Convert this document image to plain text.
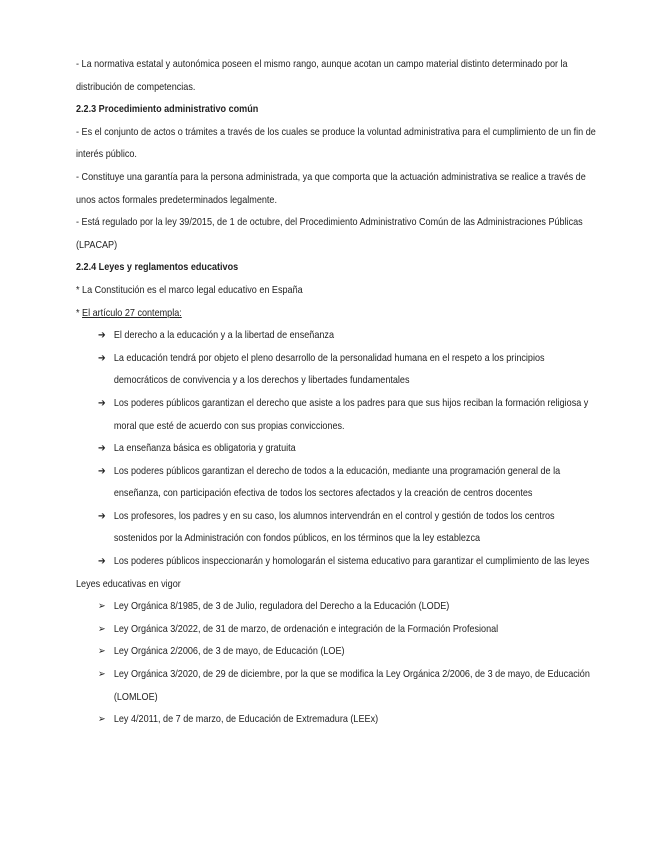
- La normativa estatal y autonómica poseen el mismo rango, aunque acotan un campo material distinto determinado por la distribución de competencias.

2.2.3 Procedimiento administrativo común

- Es el conjunto de actos o trámites a través de los cuales se produce la voluntad administrativa para el cumplimiento de un fin de interés público.

- Constituye una garantía para la persona administrada, ya que comporta que la actuación administrativa se realice a través de unos actos formales predeterminados legalmente.

- Está regulado por la ley 39/2015, de 1 de octubre, del Procedimiento Administrativo Común de las Administraciones Públicas (LPACAP)

2.2.4 Leyes y reglamentos educativos

* La Constitución es el marco legal educativo en España

* El artículo 27 contempla:

➔ El derecho a la educación y a la libertad de enseñanza
➔ La educación tendrá por objeto el pleno desarrollo de la personalidad humana en el respeto a los principios democráticos de convivencia y a los derechos y libertades fundamentales
➔ Los poderes públicos garantizan el derecho que asiste a los padres para que sus hijos reciban la formación religiosa y moral que esté de acuerdo con sus propias convicciones.
➔ La enseñanza básica es obligatoria y gratuita
➔ Los poderes públicos garantizan el derecho de todos a la educación, mediante una programación general de la enseñanza, con participación efectiva de todos los sectores afectados y la creación de centros docentes
➔ Los profesores, los padres y en su caso, los alumnos intervendrán en el control y gestión de todos los centros sostenidos por la Administración con fondos públicos, en los términos que la ley establezca

➔ Los poderes públicos inspeccionarán y homologarán el sistema educativo para garantizar el cumplimiento de las leyes

Leyes educativas en vigor

➢ Ley Orgánica 8/1985, de 3 de Julio, reguladora del Derecho a la Educación (LODE)
➢ Ley Orgánica 3/2022, de 31 de marzo, de ordenación e integración de la Formación Profesional
➢ Ley Orgánica 2/2006, de 3 de mayo, de Educación (LOE)
➢ Ley Orgánica 3/2020, de 29 de diciembre, por la que se modifica la Ley Orgánica 2/2006, de 3 de mayo, de Educación (LOMLOE)
➢ Ley 4/2011, de 7 de marzo, de Educación de Extremadura (LEEx)
